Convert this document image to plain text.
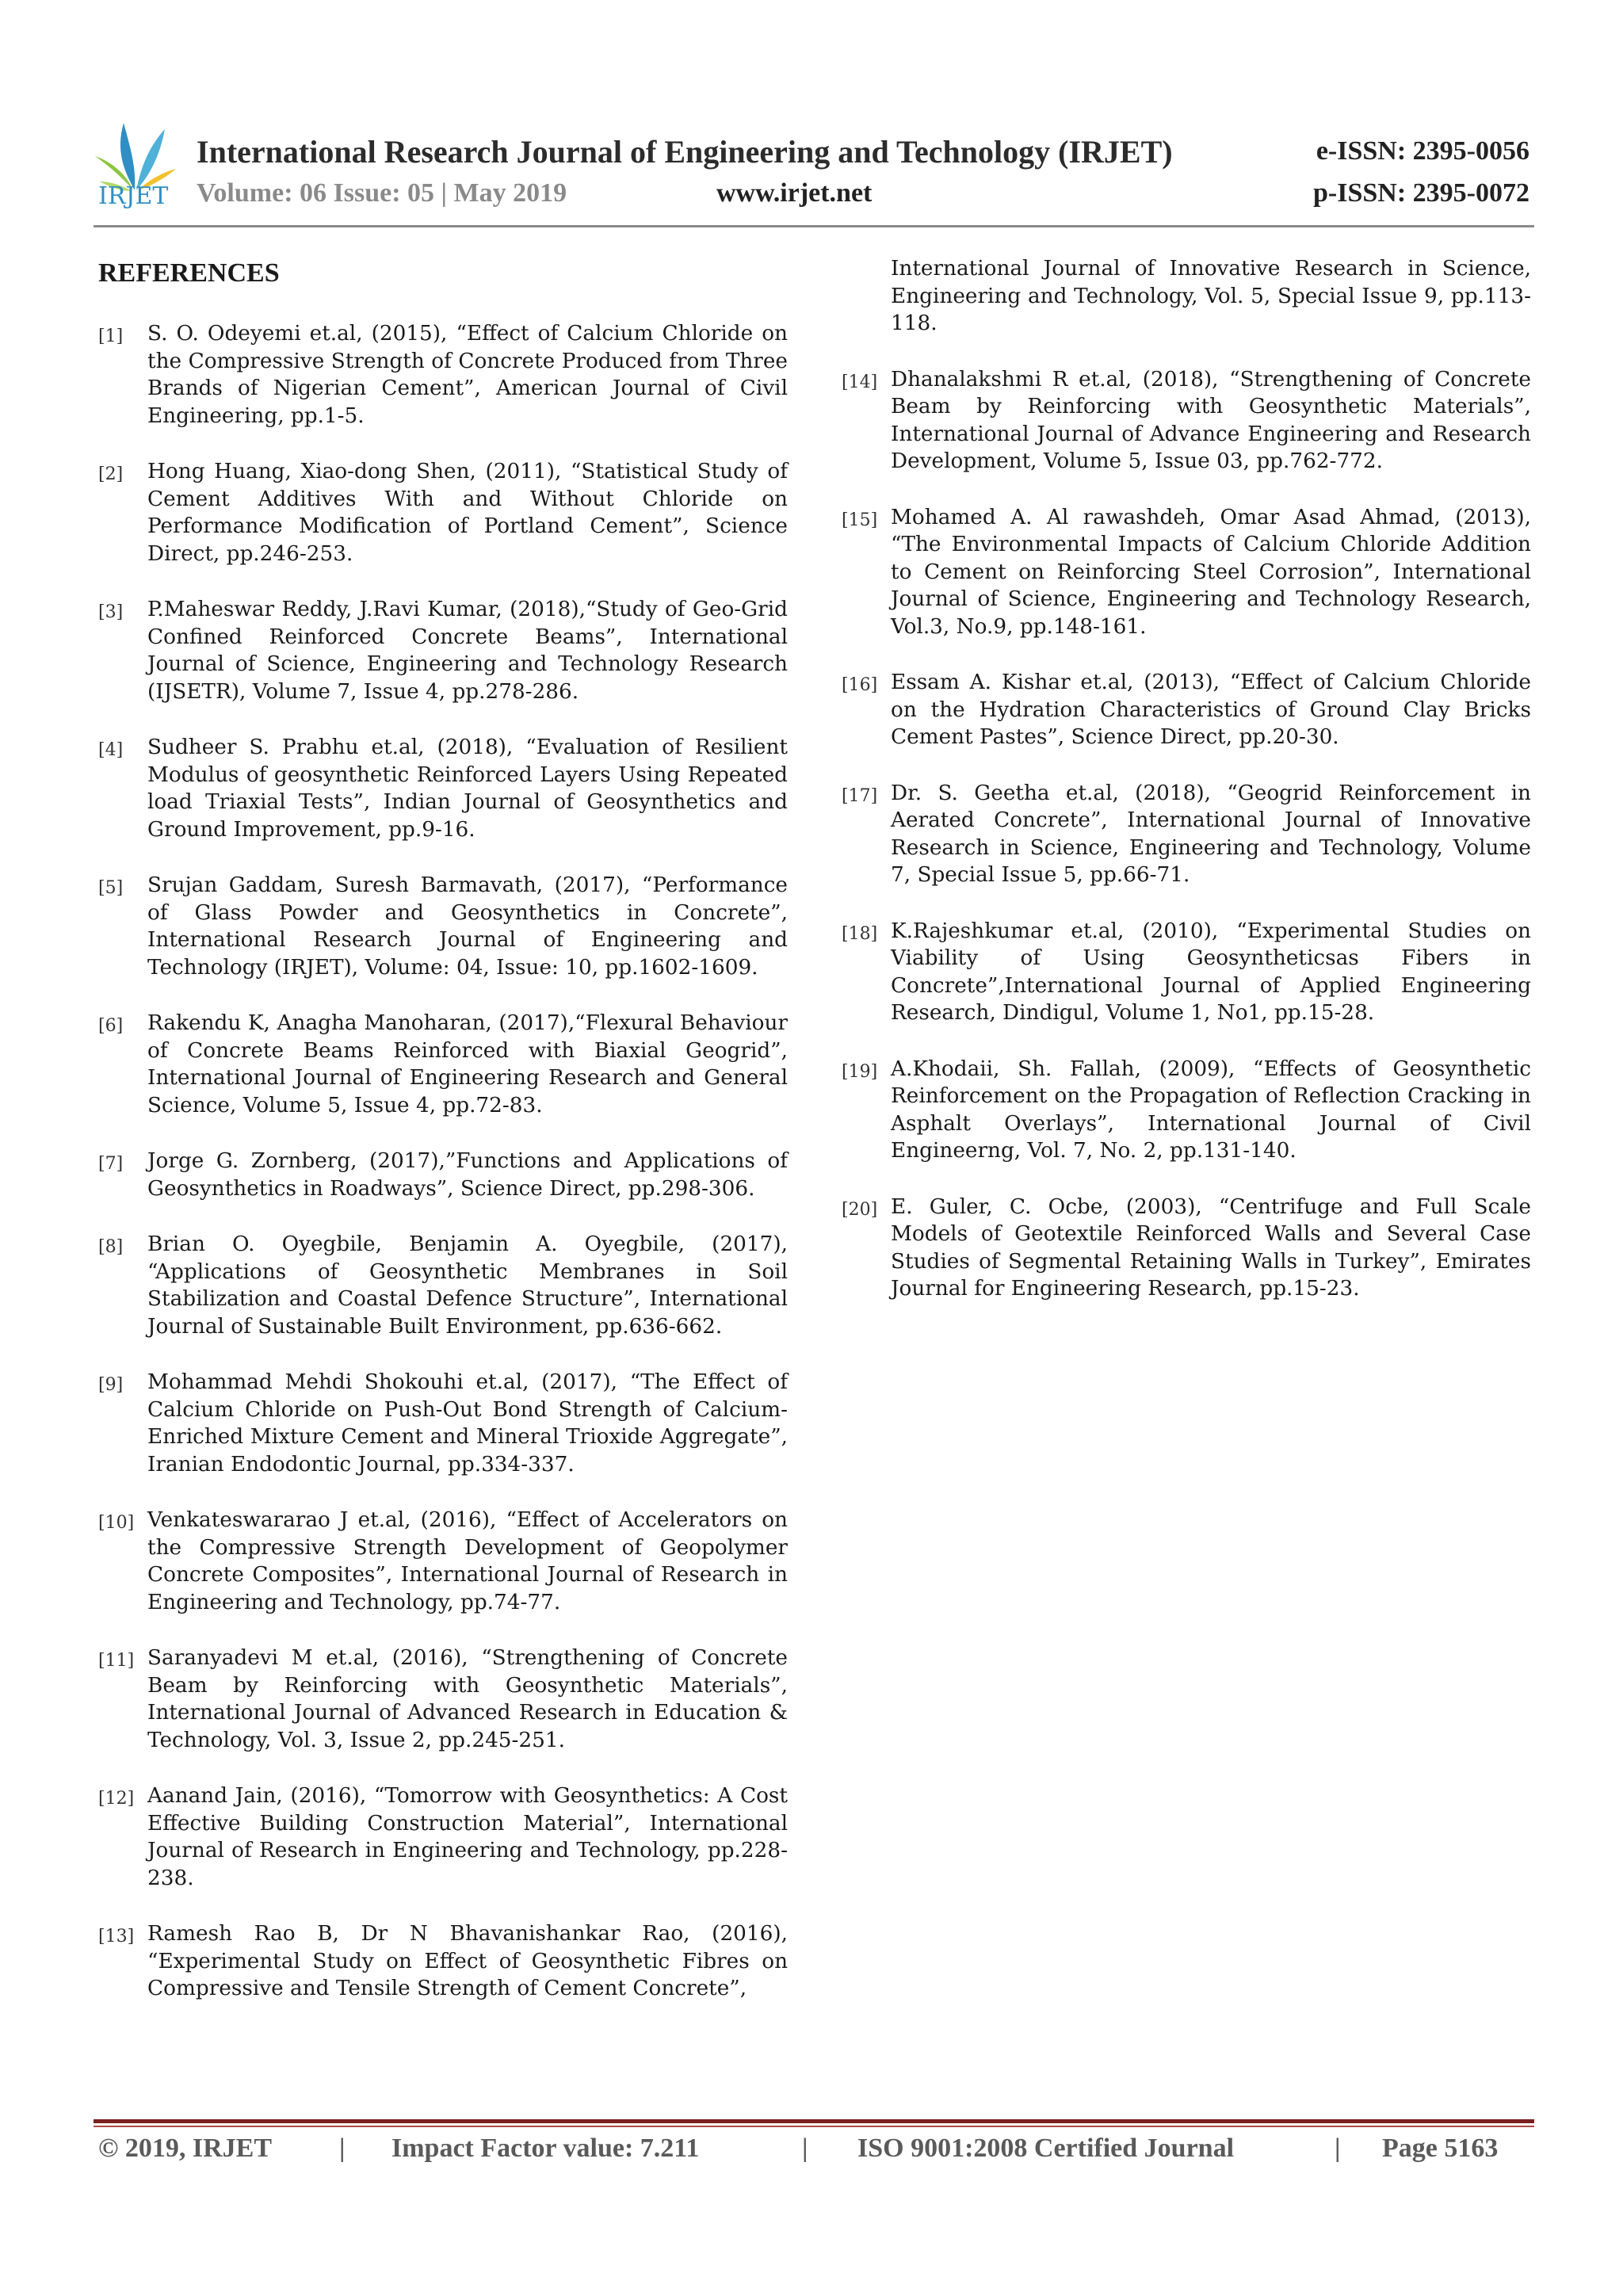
IRJET
International Research Journal of Engineering and Technology (IRJET)	e-ISSN: 2395-0056
Volume: 06 Issue: 05 | May 2019	www.irjet.net	p-ISSN: 2395-0072
REFERENCES
[1] S. O. Odeyemi et.al, (2015), “Effect of Calcium Chloride on the Compressive Strength of Concrete Produced from Three Brands of Nigerian Cement”, American Journal of Civil Engineering, pp.1-5.
[2] Hong Huang, Xiao-dong Shen, (2011), “Statistical Study of Cement Additives With and Without Chloride on Performance Modification of Portland Cement”, Science Direct, pp.246-253.
[3] P.Maheswar Reddy, J.Ravi Kumar, (2018),“Study of Geo-Grid Confined Reinforced Concrete Beams”, International Journal of Science, Engineering and Technology Research (IJSETR), Volume 7, Issue 4, pp.278-286.
[4] Sudheer S. Prabhu et.al, (2018), “Evaluation of Resilient Modulus of geosynthetic Reinforced Layers Using Repeated load Triaxial Tests”, Indian Journal of Geosynthetics and Ground Improvement, pp.9-16.
[5] Srujan Gaddam, Suresh Barmavath, (2017), “Performance of Glass Powder and Geosynthetics in Concrete”, International Research Journal of Engineering and Technology (IRJET), Volume: 04, Issue: 10, pp.1602-1609.
[6] Rakendu K, Anagha Manoharan, (2017),“Flexural Behaviour of Concrete Beams Reinforced with Biaxial Geogrid”, International Journal of Engineering Research and General Science, Volume 5, Issue 4, pp.72-83.
[7] Jorge G. Zornberg, (2017),”Functions and Applications of Geosynthetics in Roadways”, Science Direct, pp.298-306.
[8] Brian O. Oyegbile, Benjamin A. Oyegbile, (2017), “Applications of Geosynthetic Membranes in Soil Stabilization and Coastal Defence Structure”, International Journal of Sustainable Built Environment, pp.636-662.
[9] Mohammad Mehdi Shokouhi et.al, (2017), “The Effect of Calcium Chloride on Push-Out Bond Strength of Calcium-Enriched Mixture Cement and Mineral Trioxide Aggregate”, Iranian Endodontic Journal, pp.334-337.
[10] Venkateswararao J et.al, (2016), “Effect of Accelerators on the Compressive Strength Development of Geopolymer Concrete Composites”, International Journal of Research in Engineering and Technology, pp.74-77.
[11] Saranyadevi M et.al, (2016), “Strengthening of Concrete Beam by Reinforcing with Geosynthetic Materials”, International Journal of Advanced Research in Education & Technology, Vol. 3, Issue 2, pp.245-251.
[12] Aanand Jain, (2016), “Tomorrow with Geosynthetics: A Cost Effective Building Construction Material”, International Journal of Research in Engineering and Technology, pp.228-238.
[13] Ramesh Rao B, Dr N Bhavanishankar Rao, (2016), “Experimental Study on Effect of Geosynthetic Fibres on Compressive and Tensile Strength of Cement Concrete”,

International Journal of Innovative Research in Science, Engineering and Technology, Vol. 5, Special Issue 9, pp.113-118.

[14] Dhanalakshmi R et.al, (2018), “Strengthening of Concrete Beam by Reinforcing with Geosynthetic Materials”, International Journal of Advance Engineering and Research Development, Volume 5, Issue 03, pp.762-772.
[15] Mohamed A. Al rawashdeh, Omar Asad Ahmad, (2013), “The Environmental Impacts of Calcium Chloride Addition to Cement on Reinforcing Steel Corrosion”, International Journal of Science, Engineering and Technology Research, Vol.3, No.9, pp.148-161.
[16] Essam A. Kishar et.al, (2013), “Effect of Calcium Chloride on the Hydration Characteristics of Ground Clay Bricks Cement Pastes”, Science Direct, pp.20-30.
[17] Dr. S. Geetha et.al, (2018), “Geogrid Reinforcement in Aerated Concrete”, International Journal of Innovative Research in Science, Engineering and Technology, Volume 7, Special Issue 5, pp.66-71.
[18] K.Rajeshkumar et.al, (2010), “Experimental Studies on Viability of Using Geosyntheticsas Fibers in Concrete”,International Journal of Applied Engineering Research, Dindigul, Volume 1, No1, pp.15-28.
[19] A.Khodaii, Sh. Fallah, (2009), “Effects of Geosynthetic Reinforcement on the Propagation of Reflection Cracking in Asphalt Overlays”, International Journal of Civil Engineerng, Vol. 7, No. 2, pp.131-140.
[20] E. Guler, C. Ocbe, (2003), “Centrifuge and Full Scale Models of Geotextile Reinforced Walls and Several Case Studies of Segmental Retaining Walls in Turkey”, Emirates Journal for Engineering Research, pp.15-23.
© 2019, IRJET | Impact Factor value: 7.211	| ISO 9001:2008 Certified Journal	| Page 5163
